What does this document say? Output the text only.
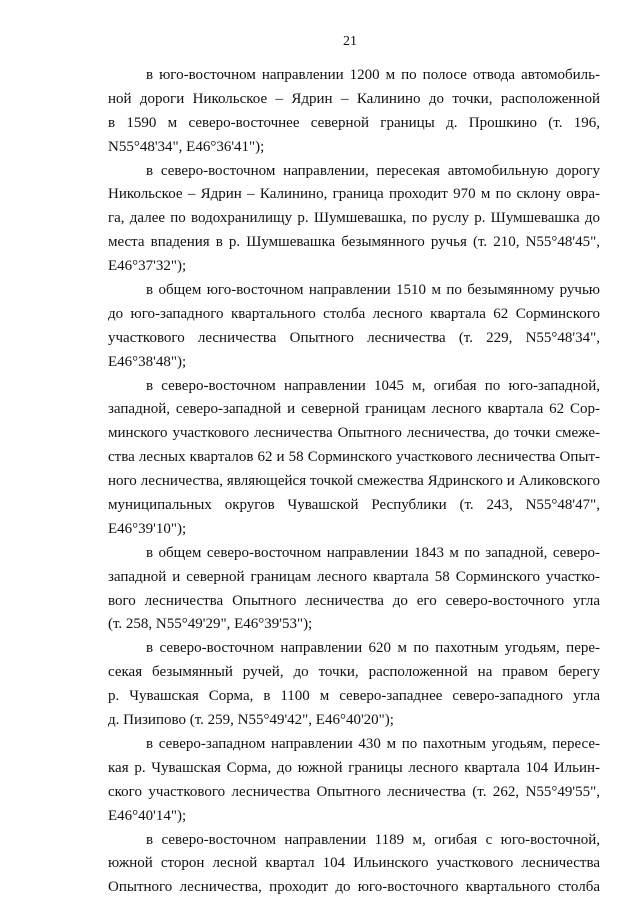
21
в юго-восточном направлении 1200 м по полосе отвода автомобиль-
ной дороги Никольское – Ядрин – Калинино до точки, расположенной
в 1590 м северо-восточнее северной границы д. Прошкино (т. 196,
N55°48'34", E46°36'41");
в северо-восточном направлении, пересекая автомобильную дорогу
Никольское – Ядрин – Калинино, граница проходит 970 м по склону овра-
га, далее по водохранилищу р. Шумшевашка, по руслу р. Шумшевашка до
места впадения в р. Шумшевашка безымянного ручья (т. 210, N55°48'45",
E46°37'32");
в общем юго-восточном направлении 1510 м по безымянному ручью
до юго-западного квартального столба лесного квартала 62 Сорминского
участкового лесничества Опытного лесничества (т. 229, N55°48'34",
E46°38'48");
в северо-восточном направлении 1045 м, огибая по юго-западной,
западной, северо-западной и северной границам лесного квартала 62 Сор-
минского участкового лесничества Опытного лесничества, до точки смеже-
ства лесных кварталов 62 и 58 Сорминского участкового лесничества Опыт-
ного лесничества, являющейся точкой смежества Ядринского и Аликовского
муниципальных округов Чувашской Республики (т. 243, N55°48'47",
E46°39'10");
в общем северо-восточном направлении 1843 м по западной, северо-
западной и северной границам лесного квартала 58 Сорминского участко-
вого лесничества Опытного лесничества до его северо-восточного угла
(т. 258, N55°49'29", E46°39'53");
в северо-восточном направлении 620 м по пахотным угодьям, пере-
секая безымянный ручей, до точки, расположенной на правом берегу
р. Чувашская Сорма, в 1100 м северо-западнее северо-западного угла
д. Пизипово (т. 259, N55°49'42", E46°40'20");
в северо-западном направлении 430 м по пахотным угодьям, пересе-
кая р. Чувашская Сорма, до южной границы лесного квартала 104 Ильин-
ского участкового лесничества Опытного лесничества (т. 262, N55°49'55",
E46°40'14");
в северо-восточном направлении 1189 м, огибая с юго-восточной,
южной сторон лесной квартал 104 Ильинского участкового лесничества
Опытного лесничества, проходит до юго-восточного квартального столба
